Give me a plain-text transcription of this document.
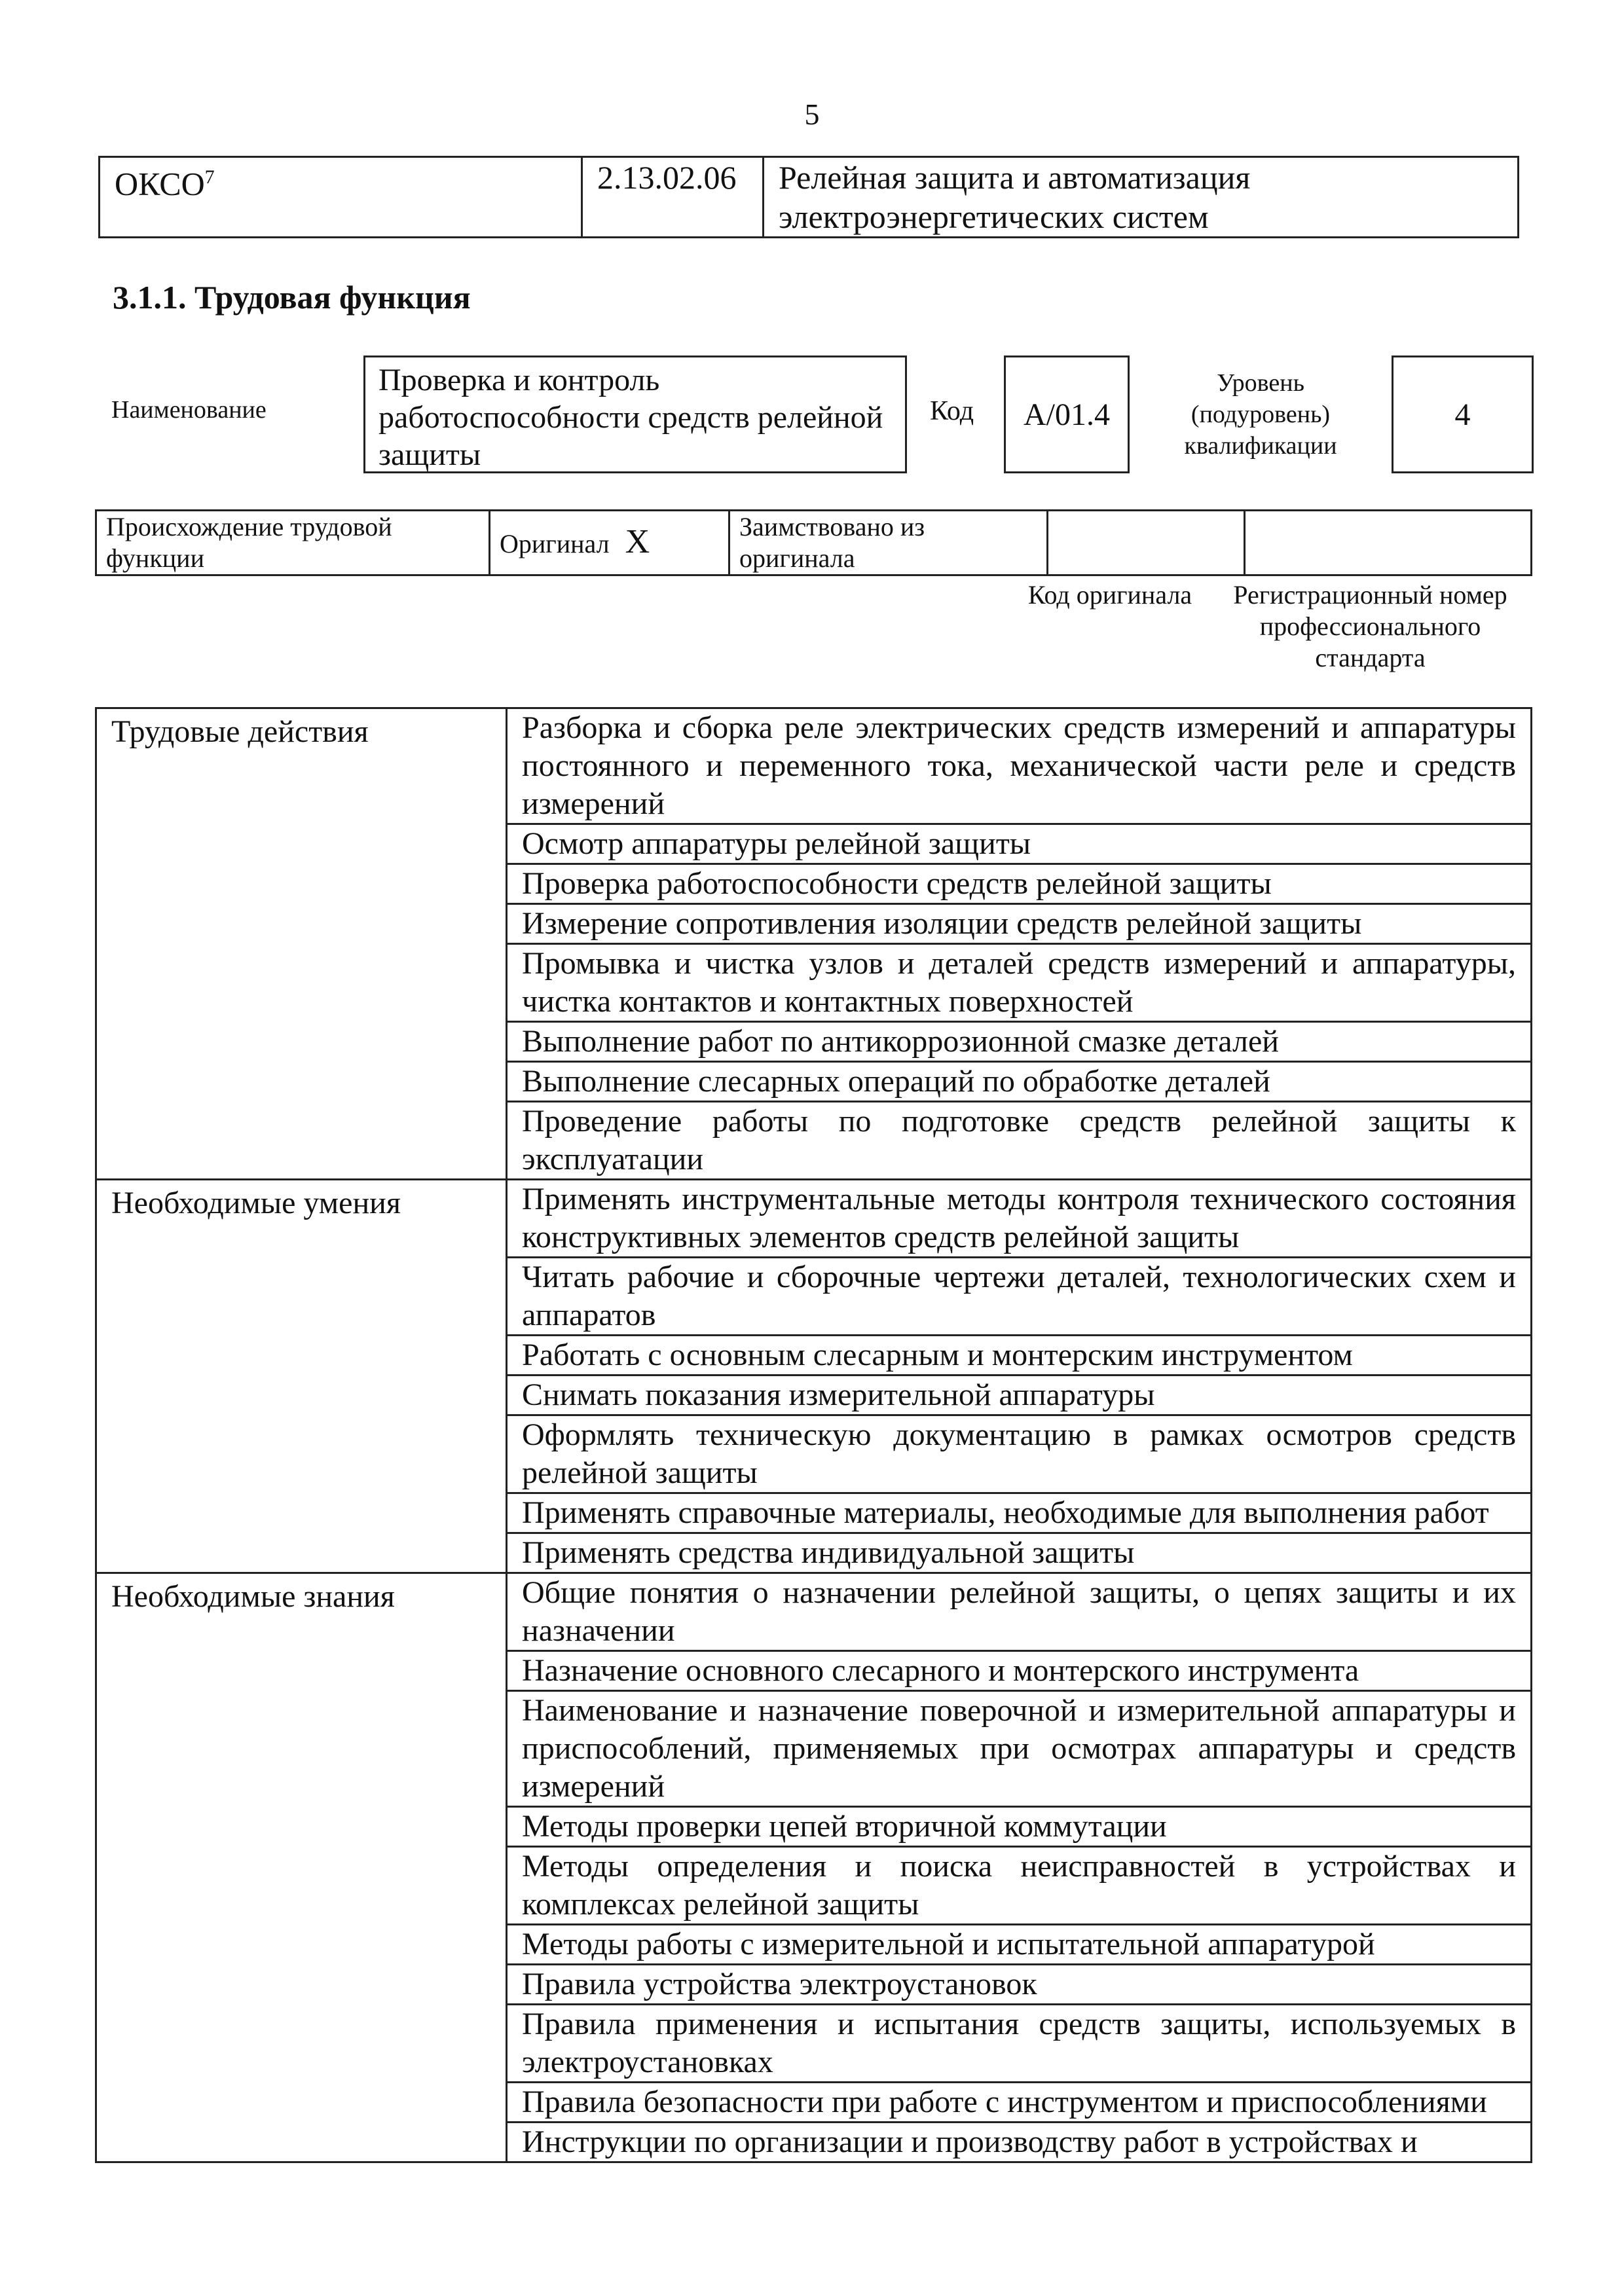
5
ОКСО$^7$	2.13.02.06	Релейная защита и автоматизация электроэнергетических систем
3.1.1. Трудовая функция
Наименование
Проверка и контроль работоспособности средств релейной защиты
Код	A/01.4
Уровень (подуровень) квалификации
4
Происхождение трудовой функции	Оригинал X	Заимствовано из оригинала		
Код оригинала	Регистрационный номер профессионального стандарта
Трудовые действия	Разборка и сборка реле электрических средств измерений и аппаратуры постоянного и переменного тока, механической части реле и средств измерений
	Осмотр аппаратуры релейной защиты
	Проверка работоспособности средств релейной защиты
	Измерение сопротивления изоляции средств релейной защиты
	Промывка и чистка узлов и деталей средств измерений и аппаратуры, чистка контактов и контактных поверхностей
	Выполнение работ по антикоррозионной смазке деталей
	Выполнение слесарных операций по обработке деталей
	Проведение работы по подготовке средств релейной защиты к эксплуатации
Необходимые умения	Применять инструментальные методы контроля технического состояния конструктивных элементов средств релейной защиты
	Читать рабочие и сборочные чертежи деталей, технологических схем и аппаратов
	Работать с основным слесарным и монтерским инструментом
	Снимать показания измерительной аппаратуры
	Оформлять техническую документацию в рамках осмотров средств релейной защиты
	Применять справочные материалы, необходимые для выполнения работ
	Применять средства индивидуальной защиты
Необходимые знания	Общие понятия о назначении релейной защиты, о цепях защиты и их назначении
	Назначение основного слесарного и монтерского инструмента
	Наименование и назначение поверочной и измерительной аппаратуры и приспособлений, применяемых при осмотрах аппаратуры и средств измерений
	Методы проверки цепей вторичной коммутации
	Методы определения и поиска неисправностей в устройствах и комплексах релейной защиты
	Методы работы с измерительной и испытательной аппаратурой
	Правила устройства электроустановок
	Правила применения и испытания средств защиты, используемых в электроустановках
	Правила безопасности при работе с инструментом и приспособлениями
	Инструкции по организации и производству работ в устройствах и
